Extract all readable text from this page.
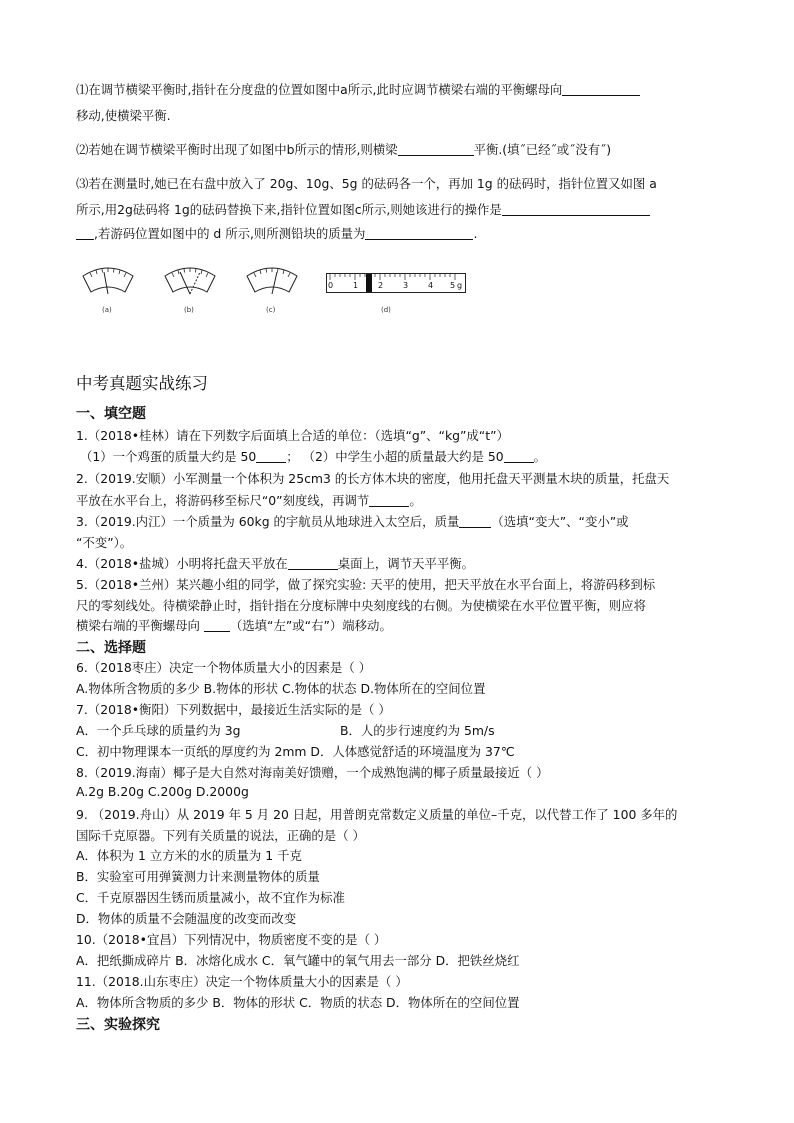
⑴在调节横梁平衡时,指针在分度盘的位置如图中a所示,此时应调节横梁右端的平衡螺母向
移动,使横梁平衡.
⑵若她在调节横梁平衡时出现了如图中b所示的情形,则横梁	平衡.(填˝已经˝或˝没有˝)
⑶若在测量时,她已在右盘中放入了 20g、10g、5g 的砝码各一个，再加 1g 的砝码时，指针位置又如图 a
所示,用2g砝码将 1g的砝码替换下来,指针位置如图c所示,则她该进行的操作是
,若游码位置如图中的 d 所示,则所测铅块的质量为	.
(a)	(b)	(c)
0 1 2 3 4 5 g
(d)
中考真题实战练习
一、填空题
1.（2018•桂林）请在下列数字后面填上合适的单位：（选填“g”、“kg”成“t”）
（1）一个鸡蛋的质量大约是 50 ； （2）中学生小超的质量最大约是 50 。
2.（2019.安顺）小军测量一个体积为 25cm3 的长方体木块的密度，他用托盘天平测量木块的质量，托盘天
平放在水平台上，将游码移至标尺“0”刻度线，再调节	。
3.（2019.内江）一个质量为 60kg 的宇航员从地球进入太空后，质量	（选填“变大”、“变小”或
“不变”）。
4.（2018•盐城）小明将托盘天平放在	桌面上，调节天平平衡。
5.（2018•兰州）某兴趣小组的同学，做了探究实验: 天平的使用，把天平放在水平台面上，将游码移到标
尺的零刻线处。待横梁静止时，指针指在分度标牌中央刻度线的右侧。为使横梁在水平位置平衡，则应将
横梁右端的平衡螺母向 （选填“左”或“右”）端移动。
二、选择题
6.（2018枣庄）决定一个物体质量大小的因素是（ ）
A.物体所含物质的多少 B.物体的形状 C.物体的状态 D.物体所在的空间位置
7.（2018•衡阳）下列数据中，最接近生活实际的是（ ）
A．一个乒乓球的质量约为 3g	B．人的步行速度约为 5m/s
C．初中物理课本一页纸的厚度约为 2mm D．人体感觉舒适的环境温度为 37℃
8.（2019.海南）椰子是大自然对海南美好馈赠，一个成熟饱满的椰子质量最接近（ ）
A.2g B.20g C.200g D.2000g
9. （2019.舟山）从 2019 年 5 月 20 日起，用普朗克常数定义质量的单位–千克，以代替工作了 100 多年的
国际千克原器。下列有关质量的说法，正确的是（ ）
A．体积为 1 立方米的水的质量为 1 千克
B．实验室可用弹簧测力计来测量物体的质量
C．千克原器因生锈而质量减小，故不宜作为标准
D．物体的质量不会随温度的改变而改变
10.（2018•宜昌）下列情况中，物质密度不变的是（ ）
A．把纸撕成碎片 B．冰熔化成水 C．氧气罐中的氧气用去一部分 D．把铁丝烧红
11.（2018.山东枣庄）决定一个物体质量大小的因素是（ ）
A．物体所含物质的多少 B．物体的形状 C．物质的状态 D．物体所在的空间位置
三、实验探究
